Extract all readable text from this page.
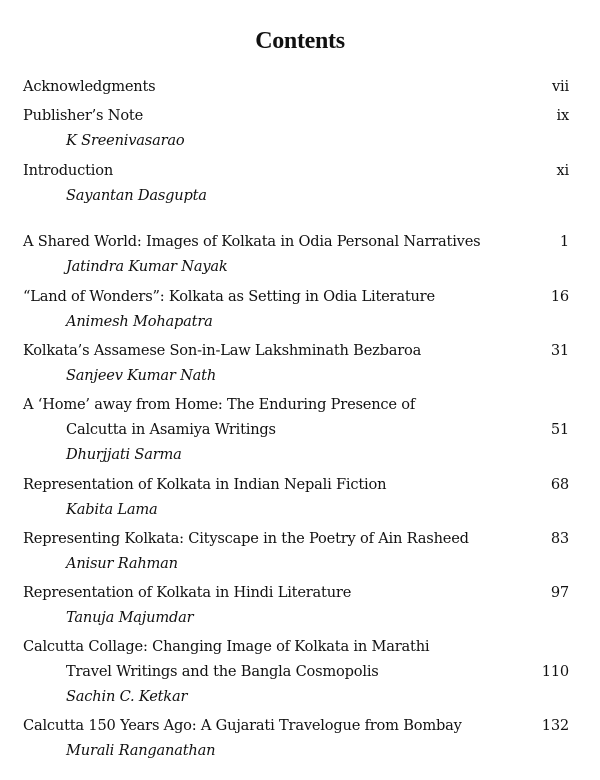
Contents
Acknowledgments	vii
Publisher’s Note	ix
K Sreenivasarao
Introduction	xi
Sayantan Dasgupta
A Shared World: Images of Kolkata in Odia Personal Narratives	1
Jatindra Kumar Nayak
“Land of Wonders”: Kolkata as Setting in Odia Literature	16
Animesh Mohapatra
Kolkata’s Assamese Son-in-Law Lakshminath Bezbaroa	31
Sanjeev Kumar Nath
A ‘Home’ away from Home: The Enduring Presence of
Calcutta in Asamiya Writings	51
Dhurjjati Sarma
Representation of Kolkata in Indian Nepali Fiction	68
Kabita Lama
Representing Kolkata: Cityscape in the Poetry of Ain Rasheed	83
Anisur Rahman
Representation of Kolkata in Hindi Literature	97
Tanuja Majumdar
Calcutta Collage: Changing Image of Kolkata in Marathi
Travel Writings and the Bangla Cosmopolis	110
Sachin C. Ketkar
Calcutta 150 Years Ago: A Gujarati Travelogue from Bombay	132
Murali Ranganathan
